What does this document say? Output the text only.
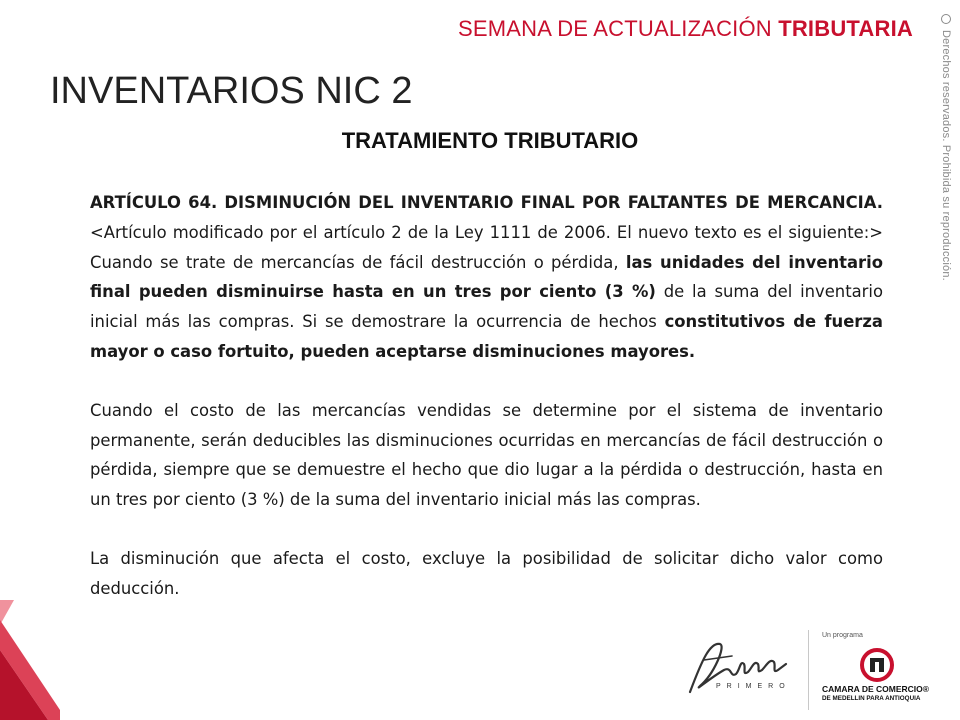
SEMANA DE ACTUALIZACIÓN TRIBUTARIA
Derechos reservados. Prohibida su reproducción.
INVENTARIOS NIC 2
TRATAMIENTO TRIBUTARIO

ARTÍCULO 64. DISMINUCIÓN DEL INVENTARIO FINAL POR FALTANTES DE MERCANCIA. <Artículo modificado por el artículo 2 de la Ley 1111 de 2006. El nuevo texto es el siguiente:> Cuando se trate de mercancías de fácil destrucción o pérdida, las unidades del inventario final pueden disminuirse hasta en un tres por ciento (3 %) de la suma del inventario inicial más las compras. Si se demostrare la ocurrencia de hechos constitutivos de fuerza mayor o caso fortuito, pueden aceptarse disminuciones mayores.

Cuando el costo de las mercancías vendidas se determine por el sistema de inventario permanente, serán deducibles las disminuciones ocurridas en mercancías de fácil destrucción o pérdida, siempre que se demuestre el hecho que dio lugar a la pérdida o destrucción, hasta en un tres por ciento (3 %) de la suma del inventario inicial más las compras.

La disminución que afecta el costo, excluye la posibilidad de solicitar dicho valor como deducción.

PRIMERO
Un programa
CAMARA DE COMERCIO®
DE MEDELLIN PARA ANTIOQUIA
